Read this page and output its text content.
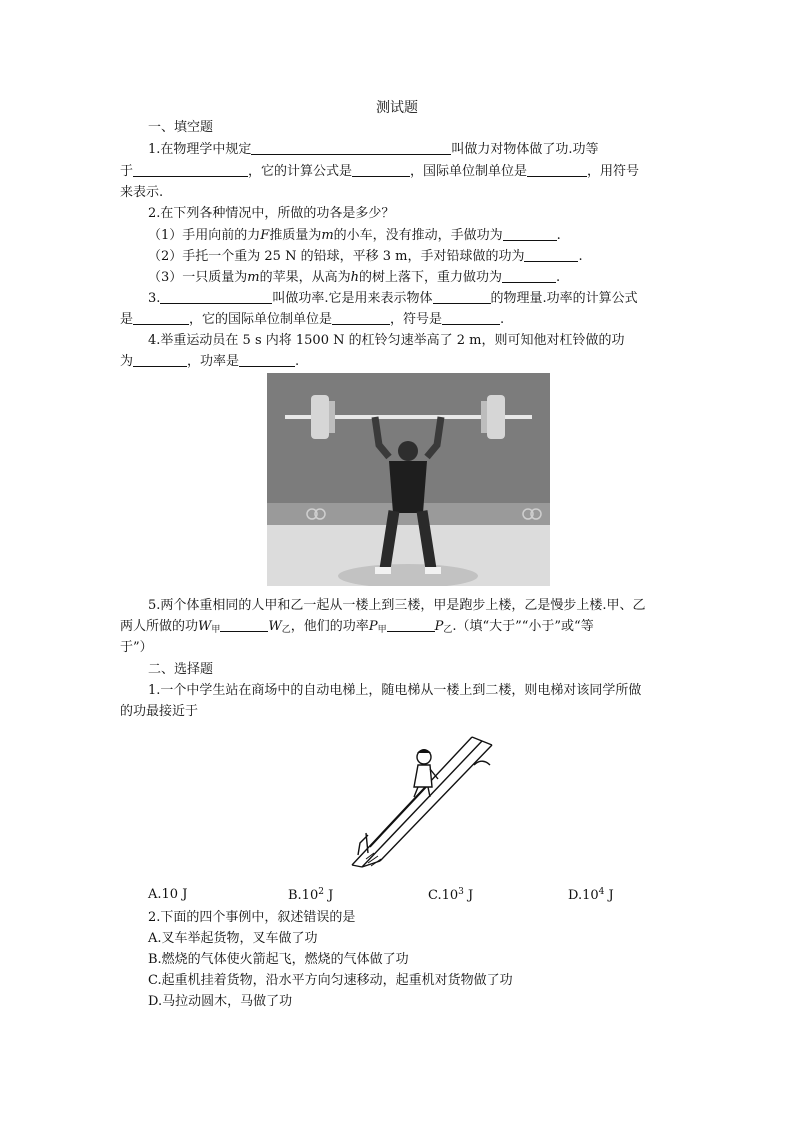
测试题
一、填空题
1.在物理学中规定	叫做力对物体做了功.功等
于	，它的计算公式是	，国际单位制单位是	，用符号
来表示.
2.在下列各种情况中，所做的功各是多少？
（1）手用向前的力F推质量为m的小车，没有推动，手做功为	.
（2）手托一个重为 25 N 的铅球，平移 3 m，手对铅球做的功为	.
（3）一只质量为m的苹果，从高为h的树上落下，重力做功为	.
3.	叫做功率.它是用来表示物体	的物理量.功率的计算公式
是	，它的国际单位制单位是	，符号是	.
4.举重运动员在 5 s 内将 1500 N 的杠铃匀速举高了 2 m，则可知他对杠铃做的功
为	，功率是	.
5.两个体重相同的人甲和乙一起从一楼上到三楼，甲是跑步上楼，乙是慢步上楼.甲、乙
两人所做的功$W_甲$	$W_乙$，他们的功率$P_甲$	$P_乙$.（填“大于”“小于”或“等
于”）
二、选择题
1.一个中学生站在商场中的自动电梯上，随电梯从一楼上到二楼，则电梯对该同学所做
的功最接近于
A.10 J	$B.10^2$ J	$C.10^3$ J	$D.10^4$ J
2.下面的四个事例中，叙述错误的是
A.叉车举起货物，叉车做了功
B.燃烧的气体使火箭起飞，燃烧的气体做了功
C.起重机挂着货物，沿水平方向匀速移动，起重机对货物做了功
D.马拉动圆木，马做了功
